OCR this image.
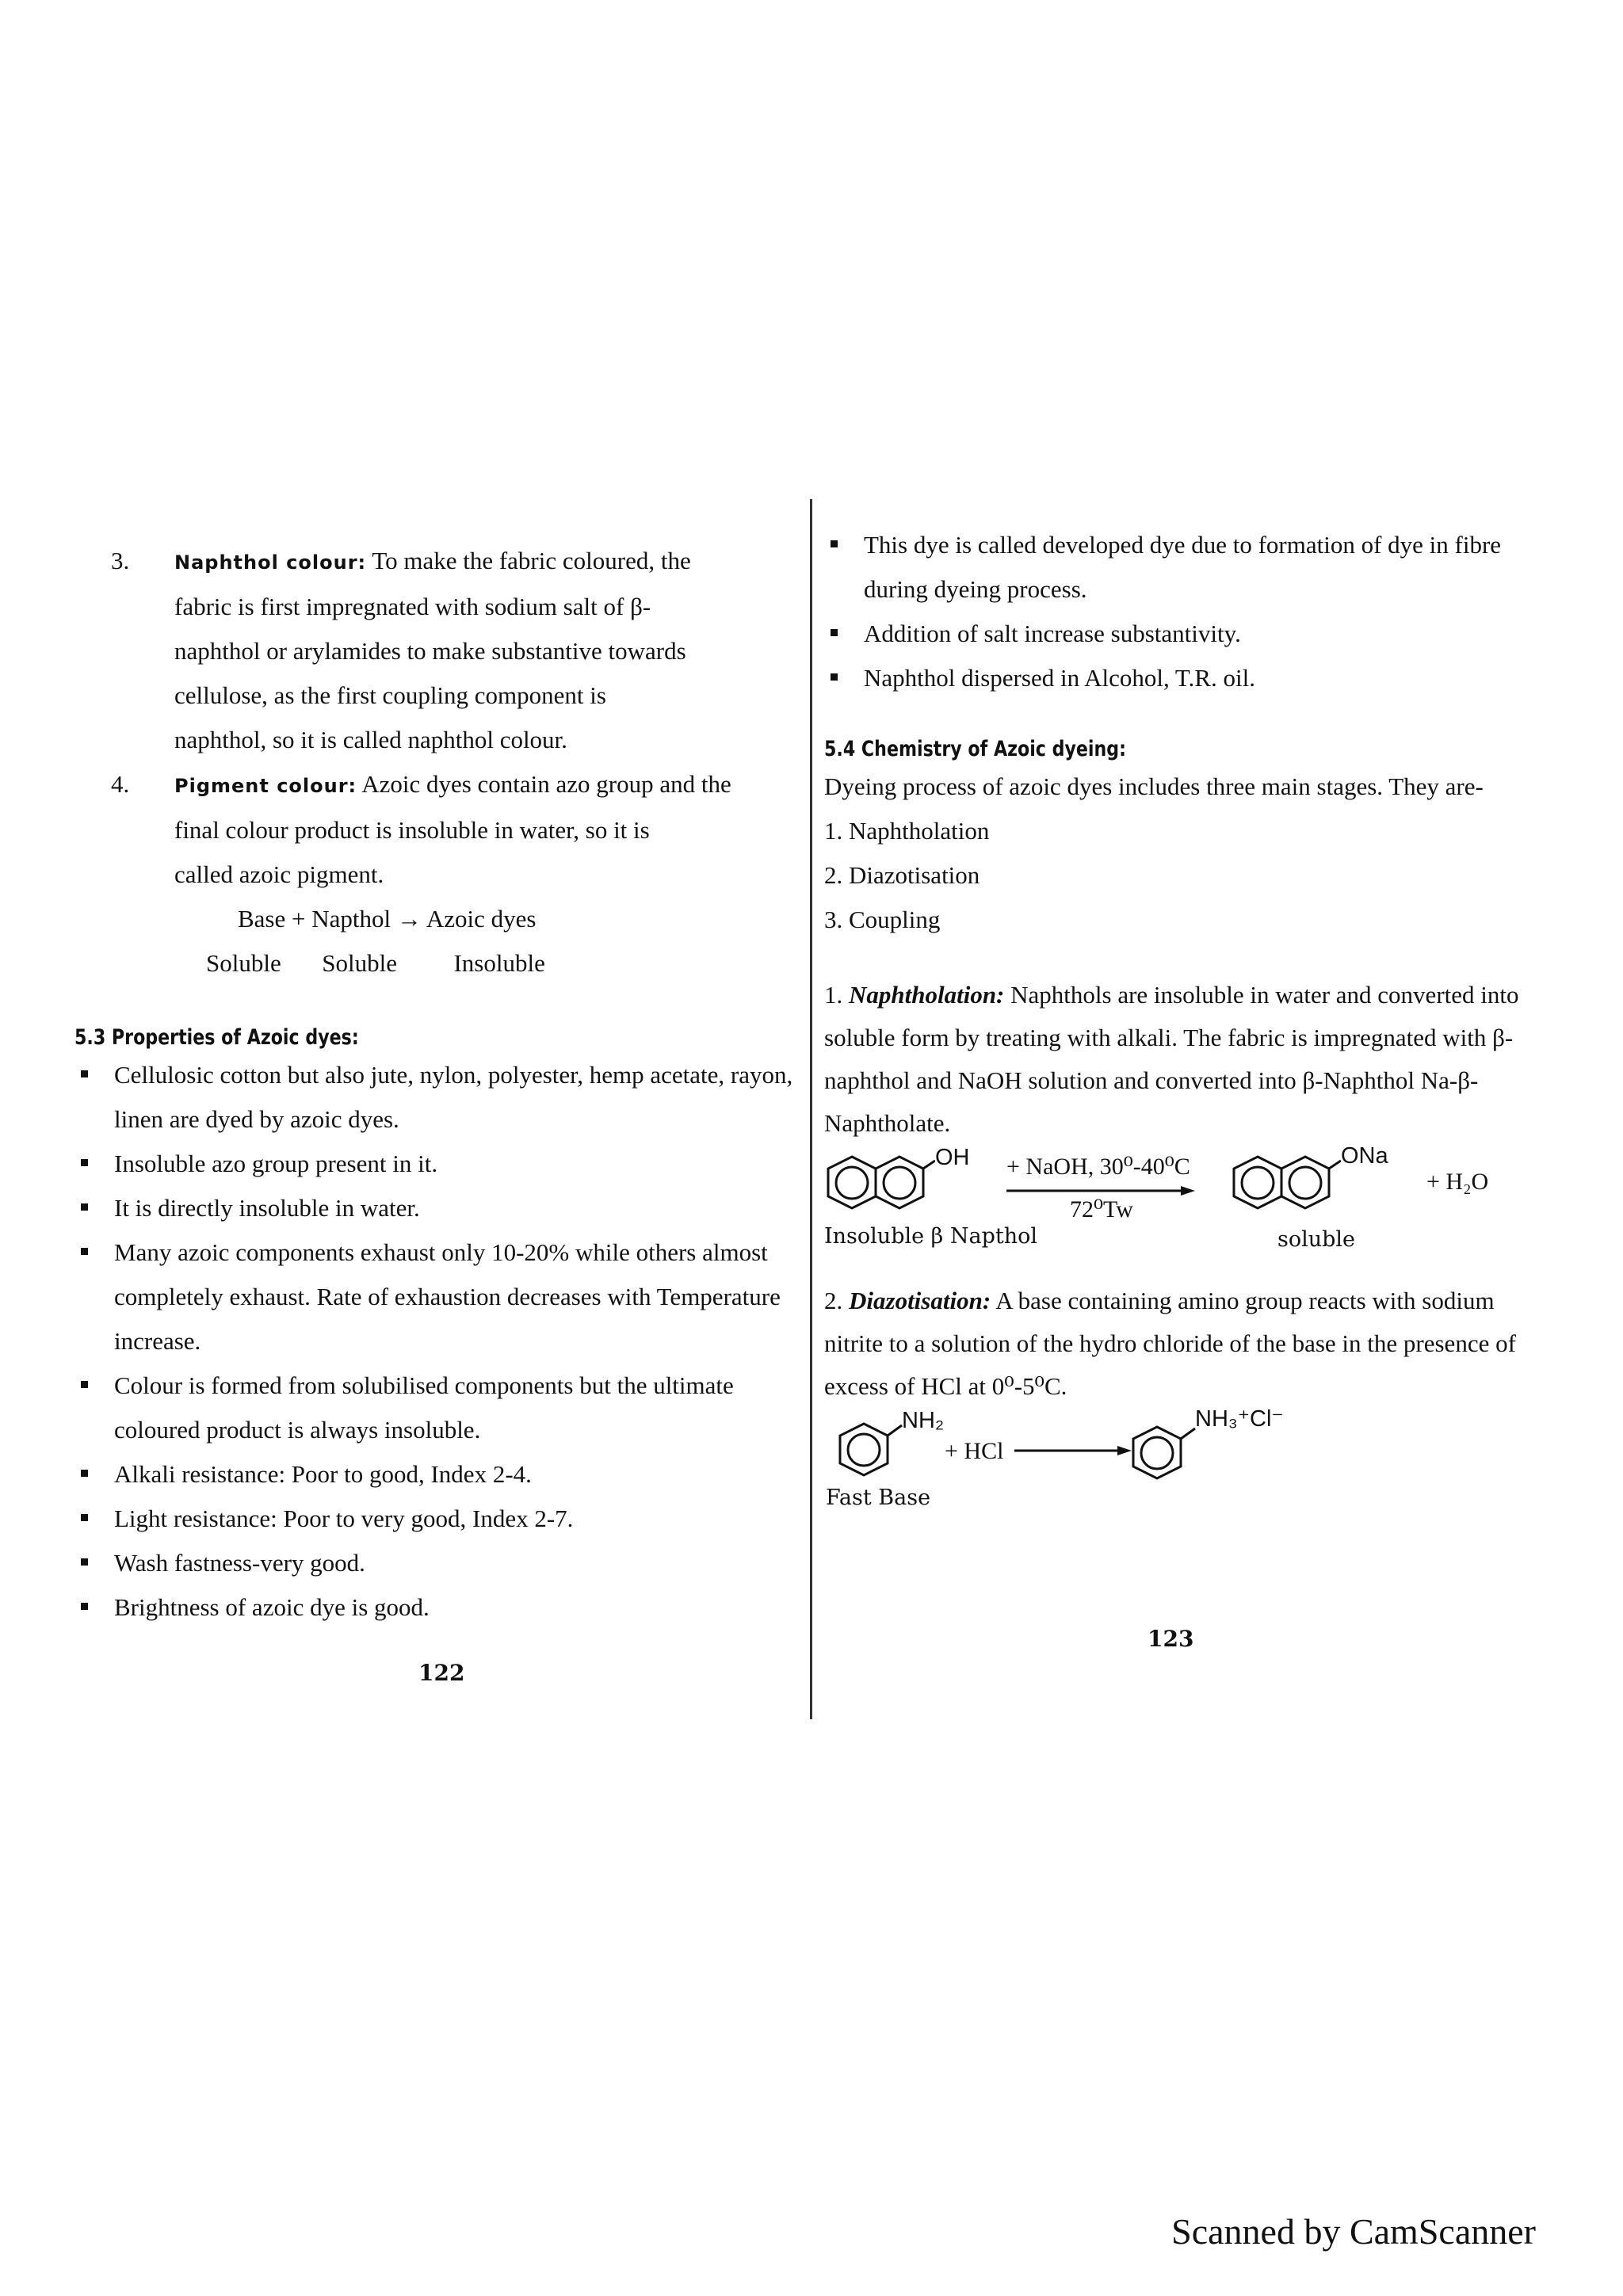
3. Naphthol colour: To make the fabric coloured, the
fabric is first impregnated with sodium salt of β-
naphthol or arylamides to make substantive towards
cellulose, as the first coupling component is
naphthol, so it is called naphthol colour.
4. Pigment colour: Azoic dyes contain azo group and the
final colour product is insoluble in water, so it is
called azoic pigment.
Base + Napthol → Azoic dyes
Soluble Soluble Insoluble
5.3 Properties of Azoic dyes:
Cellulosic cotton but also jute, nylon, polyester, hemp acetate, rayon, linen are dyed by azoic dyes.
Insoluble azo group present in it.
It is directly insoluble in water.
Many azoic components exhaust only 10-20% while others almost completely exhaust. Rate of exhaustion decreases with Temperature increase.
Colour is formed from solubilised components but the ultimate coloured product is always insoluble.
Alkali resistance: Poor to good, Index 2-4.
Light resistance: Poor to very good, Index 2-7.
Wash fastness-very good.
Brightness of azoic dye is good.
122
This dye is called developed dye due to formation of dye in fibre during dyeing process.
Addition of salt increase substantivity.
Naphthol dispersed in Alcohol, T.R. oil.
5.4 Chemistry of Azoic dyeing:
Dyeing process of azoic dyes includes three main stages. They are-
1. Naphtholation
2. Diazotisation
3. Coupling
1. Naphtholation: Naphthols are insoluble in water and converted into soluble form by treating with alkali. The fabric is impregnated with β-naphthol and NaOH solution and converted into β-Naphthol Na-β-Naphtholate.
OH + NaOH, 30⁰-40⁰C
72⁰Tw
ONa
+ H₂O
Insoluble β Napthol	soluble
2. Diazotisation: A base containing amino group reacts with sodium nitrite to a solution of the hydro chloride of the base in the presence of excess of HCl at 0⁰-5⁰C.
NH₂
+ HCl
NH₃⁺Cl⁻
Fast Base
123
Scanned by CamScanner
